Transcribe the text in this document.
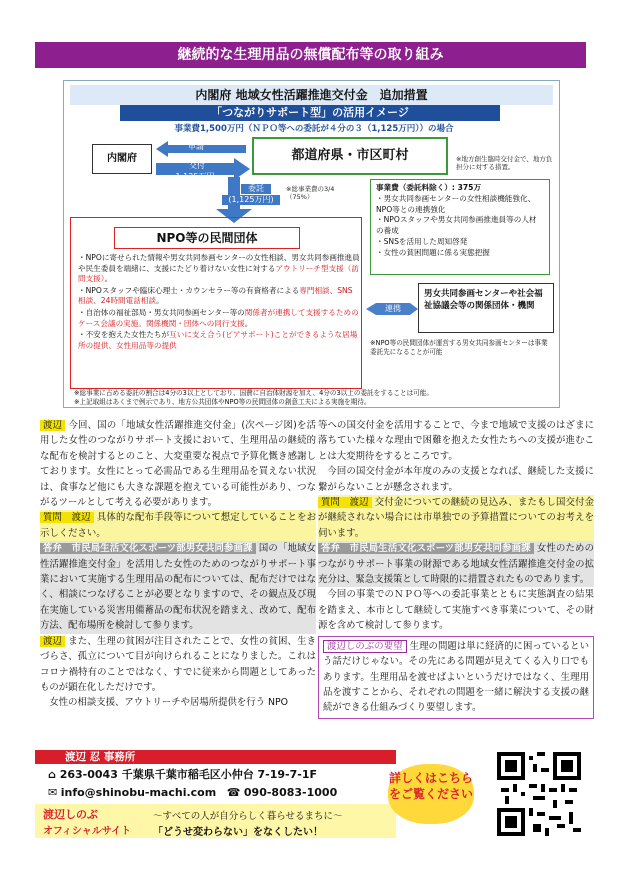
継続的な生理用品の無償配布等の取り組み
内閣府 地域女性活躍推進交付金　追加措置
「つながりサポート型」の活用イメージ
事業費1,500万円（ＮＰＯ等への委託が４分の３（1,125万円））の場合
内閣府	都道府県・市区町村	※地方創生臨時交付金で、地方負担分に対する措置。
申請
交付
1,125万円
委託
(1,125万円)
※総事業費の3/4（75%）
NPO等の民間団体

・NPOに寄せられた情報や男女共同参画センターの女性相談、男女共同参画推進員や民生委員を端緒に、支援にたどり着けない女性に対するアウトリーチ型支援（訪問支援）。

・NPOスタッフや臨床心理士・カウンセラー等の有資格者による専門相談、SNS相談、24時間電話相談。

・自治体の福祉部局・男女共同参画センター等の関係者が連携して支援するためのケース会議の実施。関係機関・団体への同行支援。

・不安を抱えた女性たちが互いに支え合う(ピアサポート)ことができるような居場所の提供、女性用品等の提供

事業費（委託料除く）: 375万
・男女共同参画センターの女性相談機能強化、NPO等との連携強化
・NPOスタッフや男女共同参画推進員等の人材の養成
・SNSを活用した周知啓発
・女性の貧困問題に係る実態把握
連携
男女共同参画センターや社会福祉協議会等の関係団体・機関
※NPO等の民間団体が運営する男女共同参画センターは事業委託先になることが可能
※総事業に占める委託の割合は4分の3以上としており、国費に自治体財源を加え、4分の3以上の委託をすることは可能。
※上記取組はあくまで例示であり、地方公共団体やNPO等の民間団体の創意工夫による実施を期待。

渡辺 今回、国の「地域女性活躍推進交付金」(次ページ図)を活用した女性のつながりサポート支援において、生理用品の継続的な配布を検討するとのこと、大変重要な視点で予算化慨き感謝しております。女性にとって必需品である生理用品を買えない状況は、食事など他にも大きな課題を抱えている可能性があり、つながるツールとして考える必要があります。

質問　渡辺 具体的な配布手段等について想定していることをお示しください。

答弁　市民局生活文化スポーツ部男女共同参画課 国の「地域女性活躍推進交付金」を活用した女性のためのつながりサポート事業において実施する生理用品の配布については、配布だけではなく、相談につなげることが必要となりますので、その観点及び現在実施している災害用備蓄品の配布状況を踏まえ、改めて、配布方法、配布場所を検討して参ります。

渡辺 また、生理の貧困が注目されたことで、女性の貧困、生きづらさ、孤立について目が向けられることになりました。これはコロナ禍特有のことではなく、すでに従来から問題としてあったものが顕在化しただけです。

女性の相談支援、アウトリーチや居場所提供を行う NPO

等への国交付金を活用することで、今まで地域で支援のはざまに落ちていた様々な理由で困難を抱えた女性たちへの支援が進むことは大変期待をするところです。

今回の国交付金が本年度のみの支援となれば、継続した支援に繋がらないことが懸念されます。

質問　渡辺 交付金についての継続の見込み、またもし国交付金が継続されない場合には市単独での予算措置についてのお考えを伺います。

答弁　市民局生活文化スポーツ部男女共同参画課 女性のためのつながりサポート事業の財源である地域女性活躍推進交付金の拡充分は、緊急支援策として時限的に措置されたものであります。

今回の事業でのＮＰＯ等への委託事業とともに実態調査の結果を踏まえ、本市として継続して実施すべき事業について、その財源を含めて検討して参ります。

渡辺しのぶの要望 生理の問題は単に経済的に困っているという話だけじゃない。その先にある問題が見えてくる入り口でもあります。生理用品を渡せばよいというだけではなく、生理用品を渡すことから、それぞれの問題を一緒に解決する支援の継続ができる仕組みづくり要望します。
渡辺 忍 事務所
⌂ 263-0043 千葉県千葉市稲毛区小仲台 7-19-7-1F
✉ info@shinobu-machi.com ☎ 090-8083-1000
渡辺しのぶ
オフィシャルサイト
～すべての人が自分らしく暮らせるまちに～
「どうせ変わらない」をなくしたい！
詳しくはこちらをご覧ください
